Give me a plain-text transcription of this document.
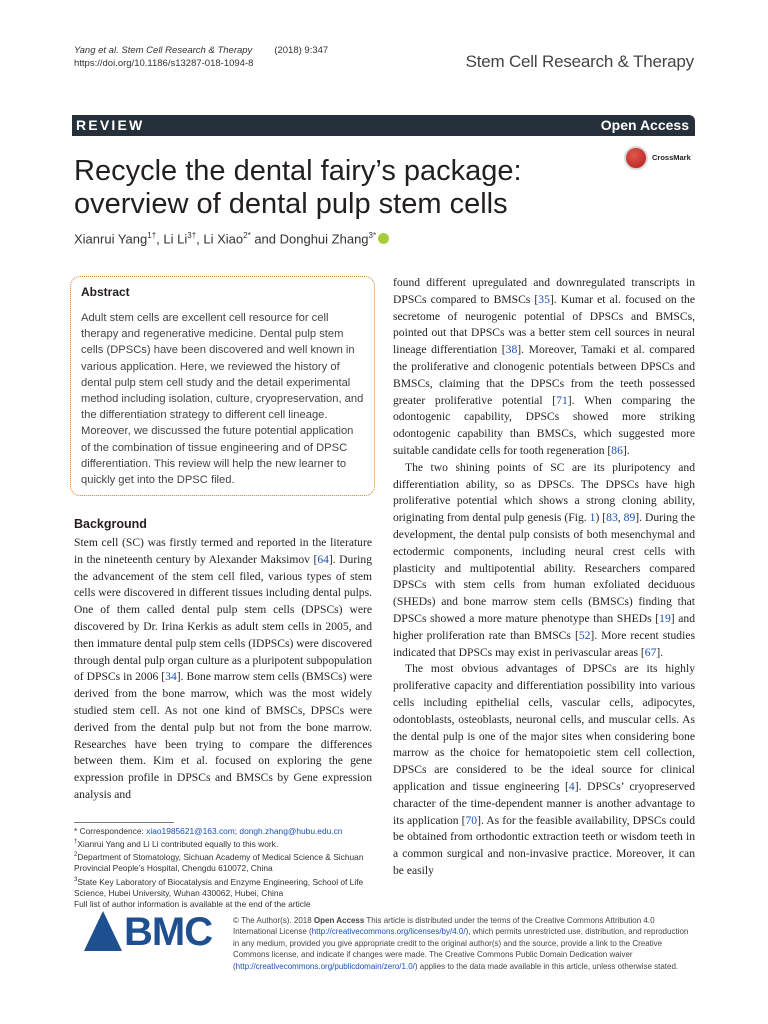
Yang et al. Stem Cell Research & Therapy (2018) 9:347
https://doi.org/10.1186/s13287-018-1094-8	Stem Cell Research & Therapy
REVIEW	Open Access
Recycle the dental fairy’s package: overview of dental pulp stem cells
CrossMark
Xianrui Yang$^{1\dagger}$, Li $Li^{3\dagger}$, Li Xiao$^{2*}$ and Donghui Zhang$^{3*}$
Abstract

Adult stem cells are excellent cell resource for cell therapy and regenerative medicine. Dental pulp stem cells (DPSCs) have been discovered and well known in various application. Here, we reviewed the history of dental pulp stem cell study and the detail experimental method including isolation, culture, cryopreservation, and the differentiation strategy to different cell lineage. Moreover, we discussed the future potential application of the combination of tissue engineering and of DPSC differentiation. This review will help the new learner to quickly get into the DPSC filed.

Background

Stem cell (SC) was firstly termed and reported in the literature in the nineteenth century by Alexander Maksimov [64]. During the advancement of the stem cell filed, various types of stem cells were discovered in different tissues including dental pulps. One of them called dental pulp stem cells (DPSCs) were discovered by Dr. Irina Kerkis as adult stem cells in 2005, and then immature dental pulp stem cells (IDPSCs) were discovered through dental pulp organ culture as a pluripotent subpopulation of DPSCs in 2006 [34]. Bone marrow stem cells (BMSCs) were derived from the bone marrow, which was the most widely studied stem cell. As not one kind of BMSCs, DPSCs were derived from the dental pulp but not from the bone marrow. Researches have been trying to compare the differences between them. Kim et al. focused on exploring the gene expression profile in DPSCs and BMSCs by Gene expression analysis and

found different upregulated and downregulated transcripts in DPSCs compared to BMSCs [35]. Kumar et al. focused on the secretome of neurogenic potential of DPSCs and BMSCs, pointed out that DPSCs was a better stem cell sources in neural lineage differentiation [38]. Moreover, Tamaki et al. compared the proliferative and clonogenic potentials between DPSCs and BMSCs, claiming that the DPSCs from the teeth possessed greater proliferative potential [71]. When comparing the odontogenic capability, DPSCs showed more striking odontogenic capability than BMSCs, which suggested more suitable candidate cells for tooth regeneration [86].

The two shining points of SC are its pluripotency and differentiation ability, so as DPSCs. The DPSCs have high proliferative potential which shows a strong cloning ability, originating from dental pulp genesis (Fig. 1) [83, 89]. During the development, the dental pulp consists of both mesenchymal and ectodermic components, including neural crest cells with plasticity and multipotential ability. Researchers compared DPSCs with stem cells from human exfoliated deciduous (SHEDs) and bone marrow stem cells (BMSCs) finding that DPSCs showed a more mature phenotype than SHEDs [19] and higher proliferation rate than BMSCs [52]. More recent studies indicated that DPSCs may exist in perivascular areas [67].

The most obvious advantages of DPSCs are its highly proliferative capacity and differentiation possibility into various cells including epithelial cells, vascular cells, adipocytes, odontoblasts, osteoblasts, neuronal cells, and muscular cells. As the dental pulp is one of the major sites when considering bone marrow as the choice for hematopoietic stem cell collection, DPSCs are considered to be the ideal source for clinical application and tissue engineering [4]. DPSCs’ cryopreserved character of the time-dependent manner is another advantage to its application [70]. As for the feasible availability, DPSCs could be obtained from orthodontic extraction teeth or wisdom teeth in a common surgical and non-invasive practice. Moreover, it can be easily

* Correspondence: xiao1985621@163.com; dongh.zhang@hubu.edu.cn
†Xianrui Yang and Li Li contributed equally to this work.
$^2$Department of Stomatology, Sichuan Academy of Medical Science & Sichuan Provincial People’s Hospital, Chengdu 610072, China
$^3$State Key Laboratory of Biocatalysis and Enzyme Engineering, School of Life Science, Hubei University, Wuhan 430062, Hubei, China
Full list of author information is available at the end of the article
BMC	© The Author(s). 2018 Open Access This article is distributed under the terms of the Creative Commons Attribution 4.0 International License (http://creativecommons.org/licenses/by/4.0/), which permits unrestricted use, distribution, and reproduction in any medium, provided you give appropriate credit to the original author(s) and the source, provide a link to the Creative Commons license, and indicate if changes were made. The Creative Commons Public Domain Dedication waiver (http://creativecommons.org/publicdomain/zero/1.0/) applies to the data made available in this article, unless otherwise stated.
